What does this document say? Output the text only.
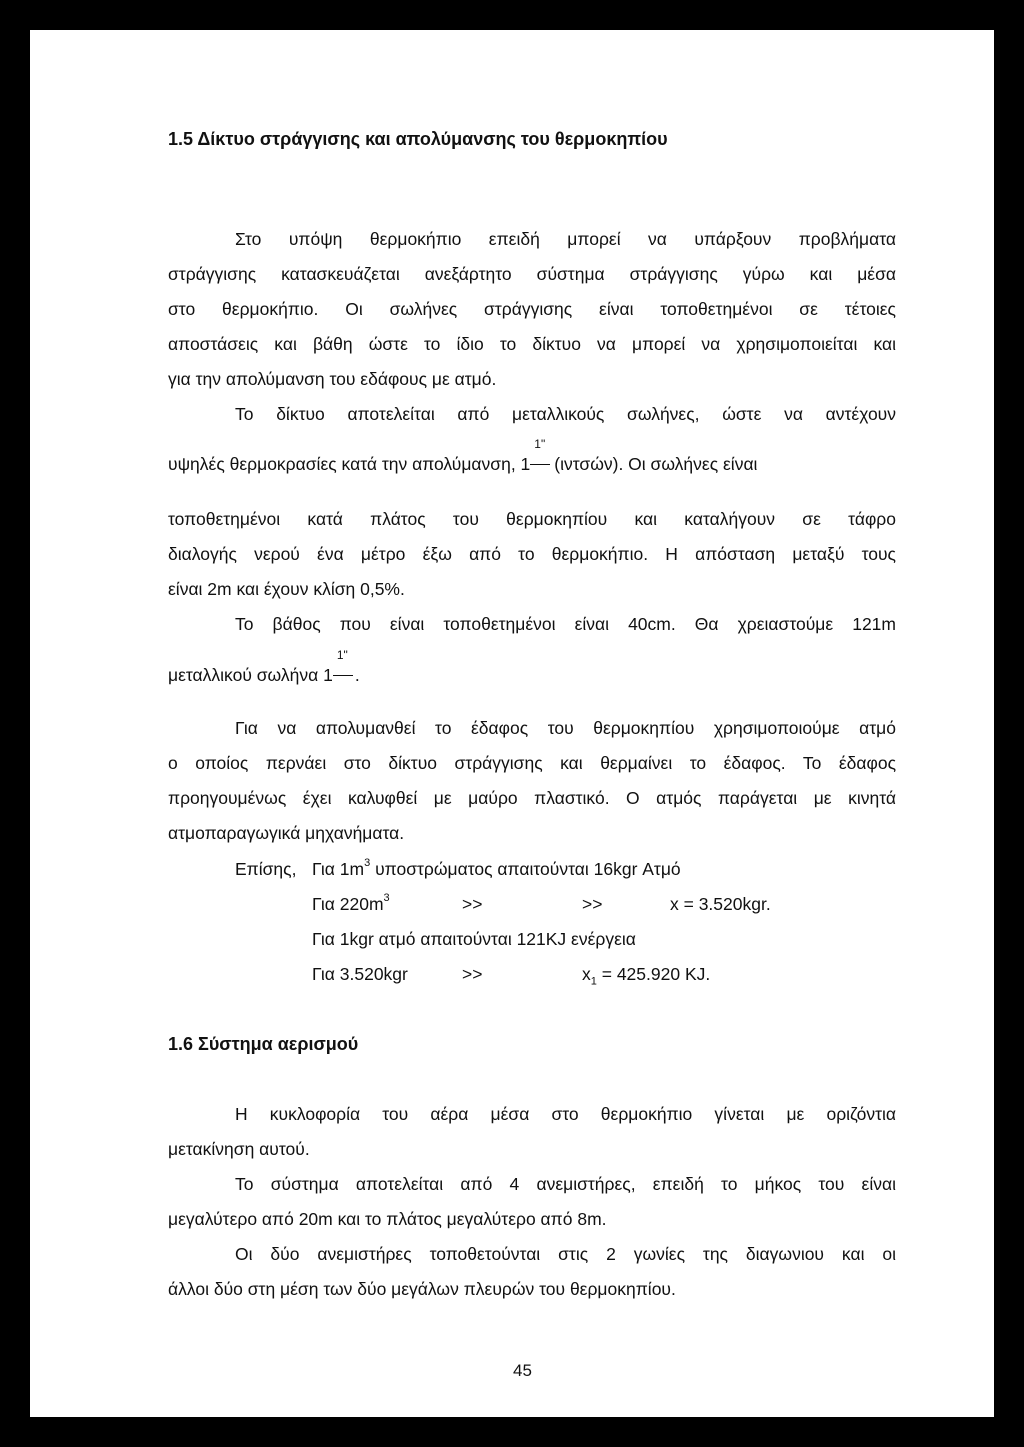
1.5 Δίκτυο στράγγισης και απολύμανσης του θερμοκηπίου
Στο υπόψη θερμοκήπιο επειδή μπορεί να υπάρξουν προβλήματα
στράγγισης κατασκευάζεται ανεξάρτητο σύστημα στράγγισης γύρω και μέσα
στο θερμοκήπιο. Οι σωλήνες στράγγισης είναι τοποθετημένοι σε τέτοιες
αποστάσεις και βάθη ώστε το ίδιο το δίκτυο να μπορεί να χρησιμοποιείται και
για την απολύμανση του εδάφους με ατμό.
Το δίκτυο αποτελείται από μεταλλικούς σωλήνες, ώστε να αντέχουν
υψηλές θερμοκρασίες κατά την απολύμανση, 1
1"
(ιντσών). Οι σωλήνες είναι
τοποθετημένοι κατά πλάτος του θερμοκηπίου και καταλήγουν σε τάφρο
διαλογής νερού ένα μέτρο έξω από το θερμοκήπιο. Η απόσταση μεταξύ τους
είναι 2m και έχουν κλίση 0,5%.
Το βάθος που είναι τοποθετημένοι είναι 40cm. Θα χρειαστούμε 121m
μεταλλικού σωλήνα 1
1"
.
Για να απολυμανθεί το έδαφος του θερμοκηπίου χρησιμοποιούμε ατμό
ο οποίος περνάει στο δίκτυο στράγγισης και θερμαίνει το έδαφος. Το έδαφος
προηγουμένως έχει καλυφθεί με μαύρο πλαστικό. Ο ατμός παράγεται με κινητά
ατμοπαραγωγικά μηχανήματα.
Επίσης, Για $1m^3$ υποστρώματος απαιτούνται 16kgr Ατμό
Για $220m^3$	>>	>>	x = 3.520kgr.
Για 1kgr ατμό απαιτούνται 121KJ ενέργεια
Για 3.520kgr	>>	$x_1 = 425.920$ KJ.
1.6 Σύστημα αερισμού
Η κυκλοφορία του αέρα μέσα στο θερμοκήπιο γίνεται με οριζόντια
μετακίνηση αυτού.
Το σύστημα αποτελείται από 4 ανεμιστήρες, επειδή το μήκος του είναι
μεγαλύτερο από 20m και το πλάτος μεγαλύτερο από 8m.
Οι δύο ανεμιστήρες τοποθετούνται στις 2 γωνίες της διαγωνιου και οι
άλλοι δύο στη μέση των δύο μεγάλων πλευρών του θερμοκηπίου.
45
